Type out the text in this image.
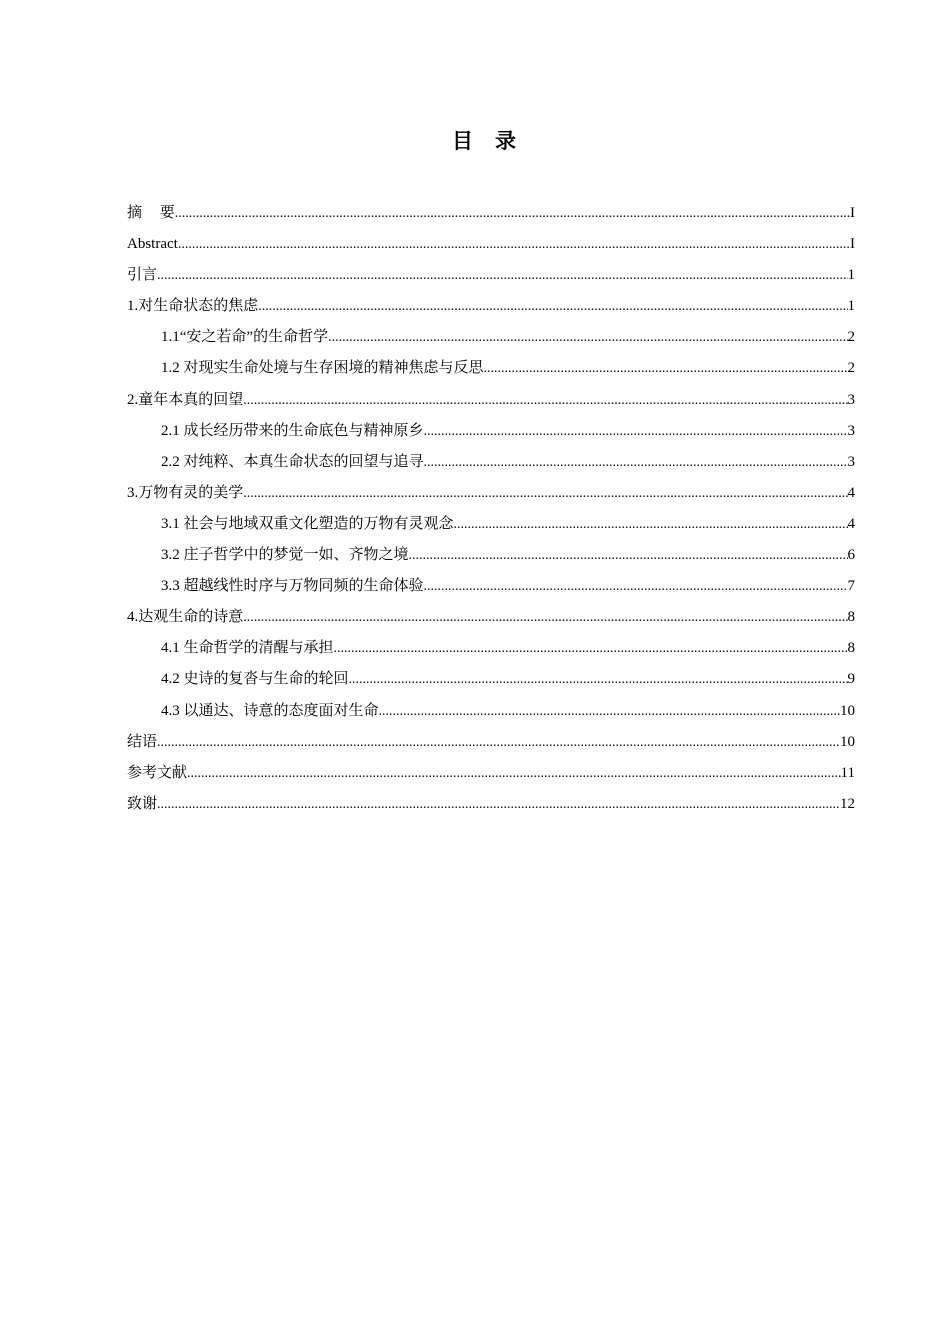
目录
摘 要 .....	I
Abstract .....	I
引言 .....	1
1.对生命状态的焦虑 .....	1
1.1“安之若命”的生命哲学 .....	2
1.2 对现实生命处境与生存困境的精神焦虑与反思 .....	2
2.童年本真的回望 .....	3
2.1 成长经历带来的生命底色与精神原乡 .....	3
2.2 对纯粹、本真生命状态的回望与追寻 .....	3
3.万物有灵的美学 .....	4
3.1 社会与地域双重文化塑造的万物有灵观念 .....	4
3.2 庄子哲学中的梦觉一如、齐物之境 .....	6
3.3 超越线性时序与万物同频的生命体验 .....	7
4.达观生命的诗意 .....	8
4.1 生命哲学的清醒与承担 .....	8
4.2 史诗的复沓与生命的轮回 .....	9
4.3 以通达、诗意的态度面对生命 .....	10
结语 .....	10
参考文献 .....	11
致谢 .....	12
